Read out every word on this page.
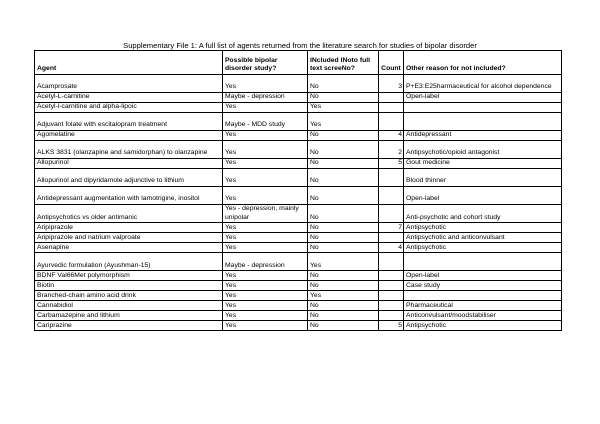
Supplementary File 1: A full list of agents returned from the literature search for studies of bipolar disorder
Agent	Possible bipolar disorder study?	INcluded INoto full text screeNo?	Count	Other reason for not included?
Acamprosate	Yes	No	3	P+E3:E25harmaceutical for alcohol dependence
Acetyl-L-carnitine	Maybe - depression	No		Open-label
Acetyl-l-carnitine and alpha-lipoic	Yes	Yes		
Adjuvant folate with escitalopram treatment	Maybe - MDD study	Yes		
Agomelatine	Yes	No	4	Antidepressant
ALKS 3831 (olanzapine and samidorphan) to olanzapine	Yes	No	2	Antipsychotic/opioid antagonist
Allopurinol	Yes	No	5	Gout medicine
Allopurinol and dipyridamole adjunctive to lithium	Yes	No		Blood thinner
Antidepressant augmentation with lamotrigine, inositol	Yes	No		Open-label
Antipsychotics vs older antimanic	Yes - depression, mainly unipolar	No		Anti-psychotic and cohort study
Aripiprazole	Yes	No	7	Antipsychotic
Aripiprazole and natrium valproate	Yes	No		Antipsychotic and anticonvulsant
Asenapine	Yes	No	4	Antipsychotic
Ayurvedic formulation (Ayushman-15)	Maybe - depression	Yes		
BDNF Val66Met polymorphism	Yes	No		Open-label
Biotin	Yes	No		Case study
Branched-chain amino acid drink	Yes	Yes		
Cannabidiol	Yes	No		Pharmaceutical
Carbamazepine and lithium	Yes	No		Anticonvulsant/moodstabiliser
Cariprazine	Yes	No	5	Antipsychotic
